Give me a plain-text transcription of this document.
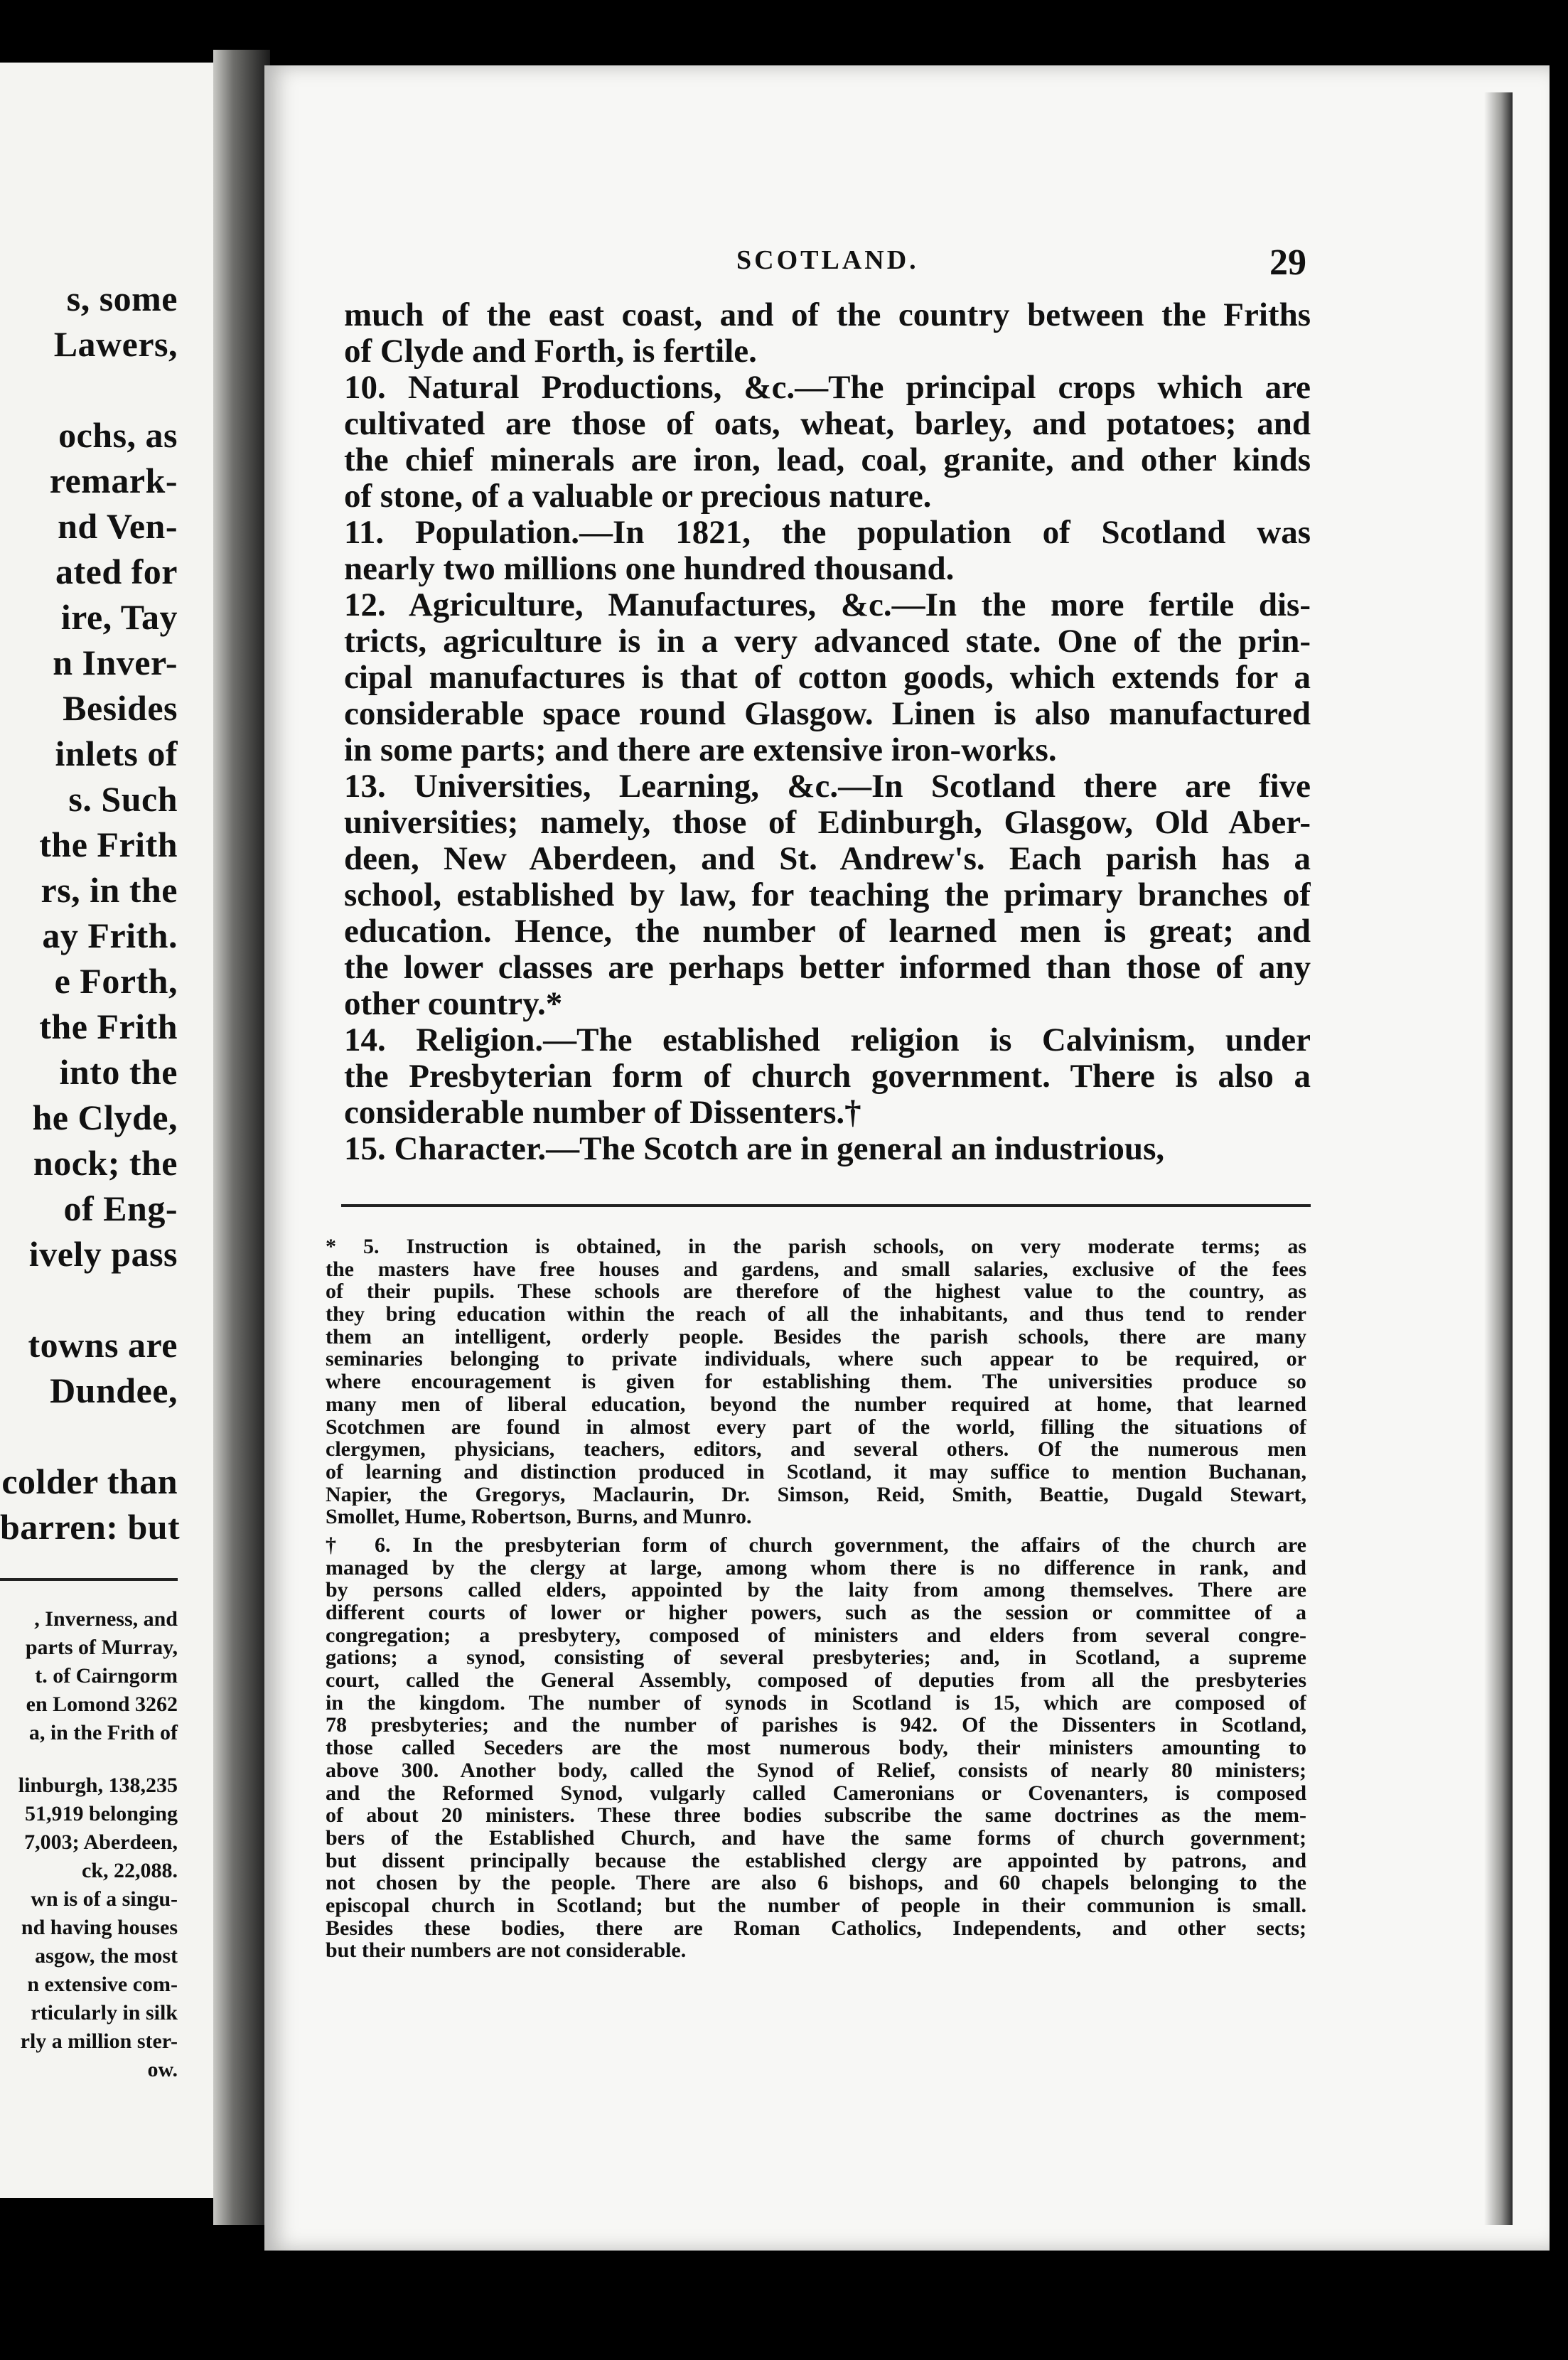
s, some
Lawers,
ochs, as
remark-
nd Ven-
ated for
ire, Tay
n Inver-
Besides
inlets of
s. Such
the Frith
rs, in the
ay Frith.
e Forth,
the Frith
into the
he Clyde,
nock; the
of Eng-
ively pass
towns are
Dundee,
colder than
barren: but
, Inverness, and
parts of Murray,
t. of Cairngorm
en Lomond 3262
a, in the Frith of
linburgh, 138,235
51,919 belonging
7,003; Aberdeen,
ck, 22,088.
wn is of a singu-
nd having houses
asgow, the most
n extensive com-
rticularly in silk
rly a million ster-
ow.
SCOTLAND.	29
much of the east coast, and of the country between the Friths
of Clyde and Forth, is fertile.
10. Natural Productions, &c.—The principal crops which are
cultivated are those of oats, wheat, barley, and potatoes; and
the chief minerals are iron, lead, coal, granite, and other kinds
of stone, of a valuable or precious nature.
11. Population.—In 1821, the population of Scotland was
nearly two millions one hundred thousand.
12. Agriculture, Manufactures, &c.—In the more fertile dis-
tricts, agriculture is in a very advanced state. One of the prin-
cipal manufactures is that of cotton goods, which extends for a
considerable space round Glasgow. Linen is also manufactured
in some parts; and there are extensive iron-works.
13. Universities, Learning, &c.—In Scotland there are five
universities; namely, those of Edinburgh, Glasgow, Old Aber-
deen, New Aberdeen, and St. Andrew's. Each parish has a
school, established by law, for teaching the primary branches of
education. Hence, the number of learned men is great; and
the lower classes are perhaps better informed than those of any
other country.*
14. Religion.—The established religion is Calvinism, under
the Presbyterian form of church government. There is also a
considerable number of Dissenters.†
15. Character.—The Scotch are in general an industrious,
* 5. Instruction is obtained, in the parish schools, on very moderate terms; as
the masters have free houses and gardens, and small salaries, exclusive of the fees
of their pupils. These schools are therefore of the highest value to the country, as
they bring education within the reach of all the inhabitants, and thus tend to render
them an intelligent, orderly people. Besides the parish schools, there are many
seminaries belonging to private individuals, where such appear to be required, or
where encouragement is given for establishing them. The universities produce so
many men of liberal education, beyond the number required at home, that learned
Scotchmen are found in almost every part of the world, filling the situations of
clergymen, physicians, teachers, editors, and several others. Of the numerous men
of learning and distinction produced in Scotland, it may suffice to mention Buchanan,
Napier, the Gregorys, Maclaurin, Dr. Simson, Reid, Smith, Beattie, Dugald Stewart,
Smollet, Hume, Robertson, Burns, and Munro.
† 6. In the presbyterian form of church government, the affairs of the church are
managed by the clergy at large, among whom there is no difference in rank, and
by persons called elders, appointed by the laity from among themselves. There are
different courts of lower or higher powers, such as the session or committee of a
congregation; a presbytery, composed of ministers and elders from several congre-
gations; a synod, consisting of several presbyteries; and, in Scotland, a supreme
court, called the General Assembly, composed of deputies from all the presbyteries
in the kingdom. The number of synods in Scotland is 15, which are composed of
78 presbyteries; and the number of parishes is 942. Of the Dissenters in Scotland,
those called Seceders are the most numerous body, their ministers amounting to
above 300. Another body, called the Synod of Relief, consists of nearly 80 ministers;
and the Reformed Synod, vulgarly called Cameronians or Covenanters, is composed
of about 20 ministers. These three bodies subscribe the same doctrines as the mem-
bers of the Established Church, and have the same forms of church government;
but dissent principally because the established clergy are appointed by patrons, and
not chosen by the people. There are also 6 bishops, and 60 chapels belonging to the
episcopal church in Scotland; but the number of people in their communion is small.
Besides these bodies, there are Roman Catholics, Independents, and other sects;
but their numbers are not considerable.
